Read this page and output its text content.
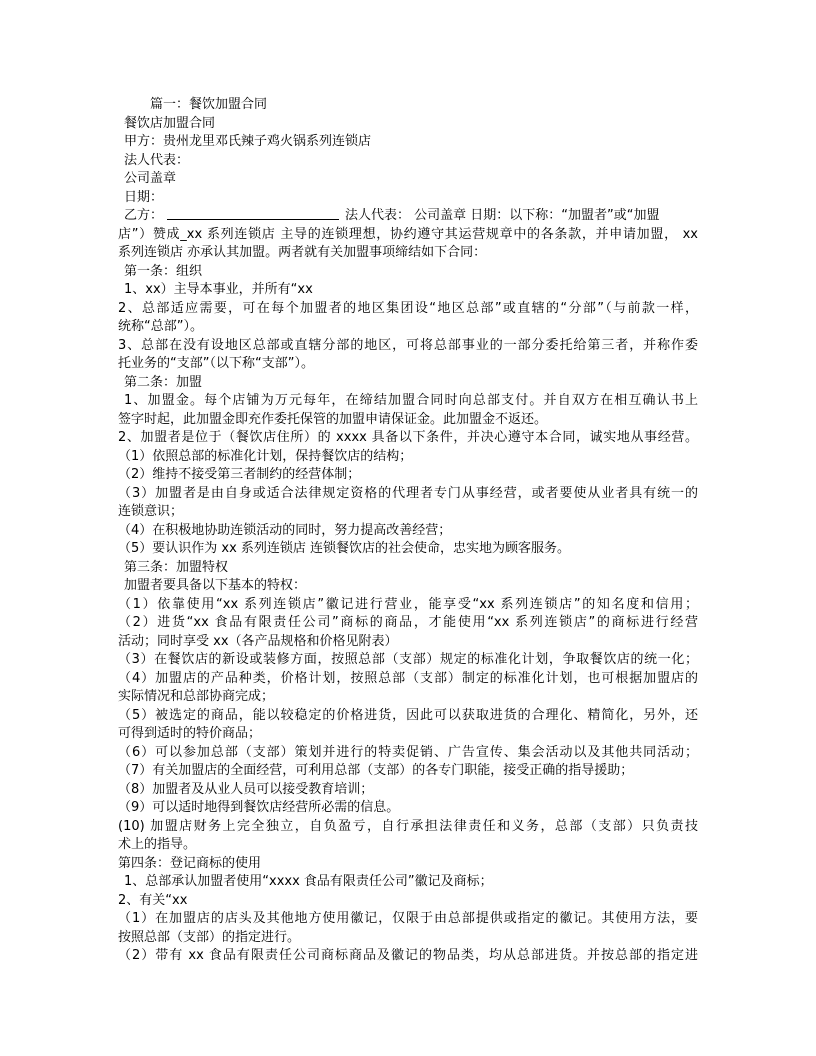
篇一：餐饮加盟合同
餐饮店加盟合同
甲方：贵州龙里邓氏辣子鸡火锅系列连锁店
法人代表：
公司盖章
日期：
乙方：	法人代表： 公司盖章 日期：以下称：“加盟者”或“加盟
店”）赞成_xx 系列连锁店 主导的连锁理想，协约遵守其运营规章中的各条款，并申请加盟， xx
系列连锁店 亦承认其加盟。两者就有关加盟事项缔结如下合同：
第一条：组织
1、xx）主导本事业，并所有“xx
2、总部适应需要，可在每个加盟者的地区集团设“地区总部”或直辖的“分部”（与前款一样，
统称“总部”）。
3、总部在没有设地区总部或直辖分部的地区，可将总部事业的一部分委托给第三者，并称作委
托业务的“支部”（以下称“支部”）。
第二条：加盟
1、加盟金。每个店铺为万元每年，在缔结加盟合同时向总部支付。并自双方在相互确认书上
签字时起，此加盟金即充作委托保管的加盟申请保证金。此加盟金不返还。
2、加盟者是位于（餐饮店住所）的 xxxx 具备以下条件，并决心遵守本合同，诚实地从事经营。
（1）依照总部的标准化计划，保持餐饮店的结构；
（2）维持不接受第三者制约的经营体制；
（3）加盟者是由自身或适合法律规定资格的代理者专门从事经营，或者要使从业者具有统一的
连锁意识；
（4）在积极地协助连锁活动的同时，努力提高改善经营；
（5）要认识作为 xx 系列连锁店 连锁餐饮店的社会使命，忠实地为顾客服务。
第三条：加盟特权
加盟者要具备以下基本的特权：
（1）依靠使用“xx 系列连锁店”徽记进行营业，能享受“xx 系列连锁店”的知名度和信用；
（2）进货“xx 食品有限责任公司”商标的商品，才能使用“xx 系列连锁店”的商标进行经营
活动；同时享受 xx（各产品规格和价格见附表）
（3）在餐饮店的新设或装修方面，按照总部（支部）规定的标准化计划，争取餐饮店的统一化；
（4）加盟店的产品种类，价格计划，按照总部（支部）制定的标准化计划，也可根据加盟店的
实际情况和总部协商完成；
（5）被选定的商品，能以较稳定的价格进货，因此可以获取进货的合理化、精简化，另外，还
可得到适时的特价商品；
（6）可以参加总部（支部）策划并进行的特卖促销、广告宣传、集会活动以及其他共同活动；
（7）有关加盟店的全面经营，可利用总部（支部）的各专门职能，接受正确的指导援助；
（8）加盟者及从业人员可以接受教育培训；
（9）可以适时地得到餐饮店经营所必需的信息。
(10) 加盟店财务上完全独立，自负盈亏，自行承担法律责任和义务，总部（支部）只负责技
术上的指导。
第四条：登记商标的使用
1、总部承认加盟者使用“xxxx 食品有限责任公司”徽记及商标；
2、有关“xx
（1）在加盟店的店头及其他地方使用徽记，仅限于由总部提供或指定的徽记。其使用方法，要
按照总部（支部）的指定进行。
（2）带有 xx 食品有限责任公司商标商品及徽记的物品类，均从总部进货。并按总部的指定进
